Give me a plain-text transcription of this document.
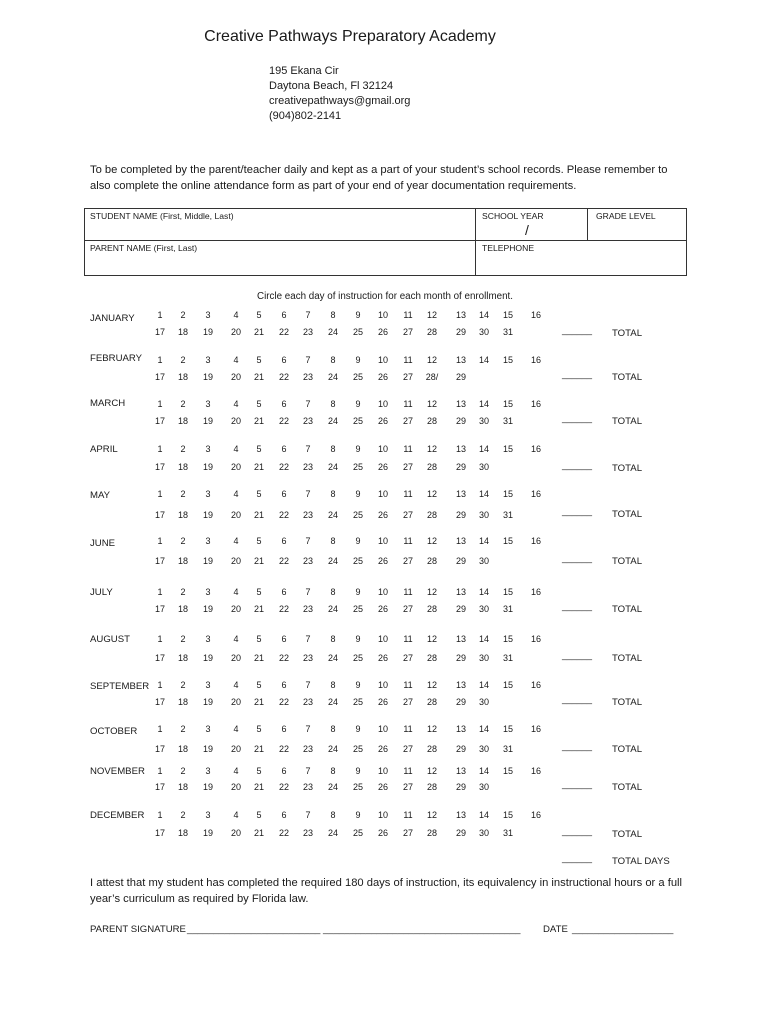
Creative Pathways Preparatory Academy
195 Ekana Cir
Daytona Beach, Fl 32124
creativepathways@gmail.org
(904)802-2141
To be completed by the parent/teacher daily and kept as a part of your student’s school records. Please remember to also complete the online attendance form as part of your end of year documentation requirements.
STUDENT NAME (First, Middle, Last)	SCHOOL YEAR
/
GRADE LEVEL
PARENT NAME (First, Last)	TELEPHONE
Circle each day of instruction for each month of enrollment.
JANUARY	1	2	3	4	5	6	7	8	9	10	11	12	13	14	15	16
17	18	19	20	21	22	23	24	25	26	27	28	29	30	31	______ TOTAL
FEBRUARY	1	2	3	4	5	6	7	8	9	10	11	12	13	14	15	16
17	18	19	20	21	22	23	24	25	26	27	28/	29	______ TOTAL
MARCH	1	2	3	4	5	6	7	8	9	10	11	12	13	14	15	16
17	18	19	20	21	22	23	24	25	26	27	28	29	30	31	______ TOTAL
APRIL	1	2	3	4	5	6	7	8	9	10	11	12	13	14	15	16
17	18	19	20	21	22	23	24	25	26	27	28	29	30	______ TOTAL
MAY	1	2	3	4	5	6	7	8	9	10	11	12	13	14	15	16
17	18	19	20	21	22	23	24	25	26	27	28	29	30	31	______ TOTAL
JUNE	1	2	3	4	5	6	7	8	9	10	11	12	13	14	15	16
17	18	19	20	21	22	23	24	25	26	27	28	29	30	______ TOTAL
JULY	1	2	3	4	5	6	7	8	9	10	11	12	13	14	15	16
17	18	19	20	21	22	23	24	25	26	27	28	29	30	31	______ TOTAL
AUGUST	1	2	3	4	5	6	7	8	9	10	11	12	13	14	15	16
17	18	19	20	21	22	23	24	25	26	27	28	29	30	31	______ TOTAL
SEPTEMBER 1	2	3	4	5	6	7	8	9	10	11	12	13	14	15	16
17	18	19	20	21	22	23	24	25	26	27	28	29	30	______ TOTAL
OCTOBER	1	2	3	4	5	6	7	8	9	10	11	12	13	14	15	16
17	18	19	20	21	22	23	24	25	26	27	28	29	30	31	______ TOTAL
NOVEMBER	1	2	3	4	5	6	7	8	9	10	11	12	13	14	15	16
17	18	19	20	21	22	23	24	25	26	27	28	29	30	______ TOTAL
DECEMBER	1	2	3	4	5	6	7	8	9	10	11	12	13	14	15	16
17	18	19	20	21	22	23	24	25	26	27	28	29	30	31	______ TOTAL
______ TOTAL DAYS
I attest that my student has completed the required 180 days of instruction, its equivalency in instructional hours or a full year’s curriculum as required by Florida law.
PARENT SIGNATURE _________________________ _____________________________________ DATE ___________________
